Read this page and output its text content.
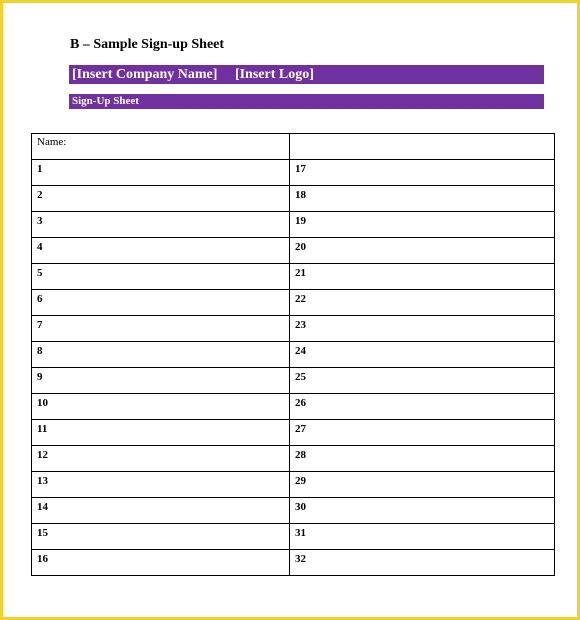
B – Sample Sign-up Sheet
[Insert Company Name] [Insert Logo]
Sign-Up Sheet
Name:	
1	17
2	18
3	19
4	20
5	21
6	22
7	23
8	24
9	25
10	26
11	27
12	28
13	29
14	30
15	31
16	32
